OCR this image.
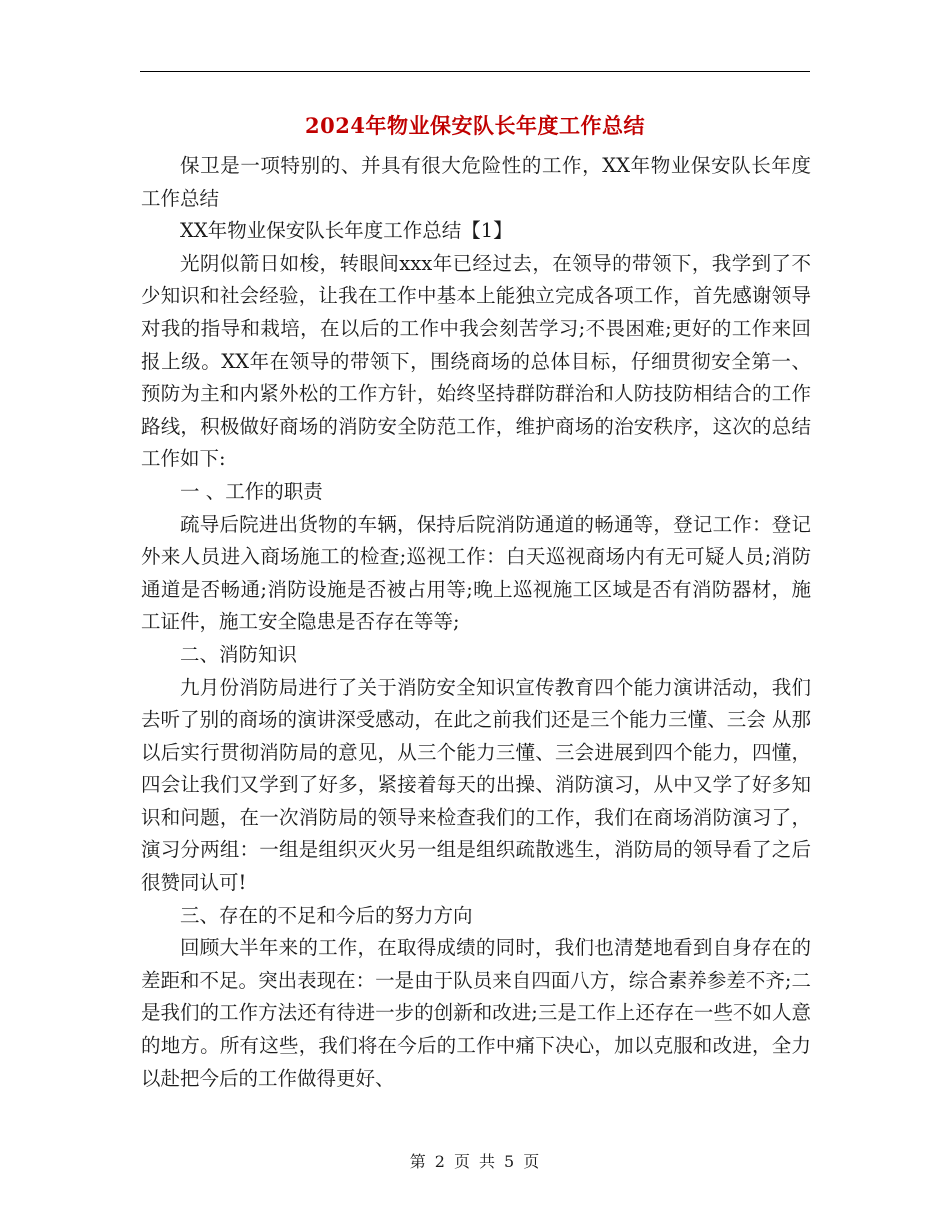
2024年物业保安队长年度工作总结

保卫是一项特别的、并具有很大危险性的工作，XX年物业保安队长年度工作总结

XX年物业保安队长年度工作总结【1】

光阴似箭日如梭，转眼间xxx年已经过去，在领导的带领下，我学到了不少知识和社会经验，让我在工作中基本上能独立完成各项工作，首先感谢领导对我的指导和栽培，在以后的工作中我会刻苦学习;不畏困难;更好的工作来回报上级。XX年在领导的带领下，围绕商场的总体目标，仔细贯彻安全第一、预防为主和内紧外松的工作方针，始终坚持群防群治和人防技防相结合的工作路线，积极做好商场的消防安全防范工作，维护商场的治安秩序，这次的总结工作如下:

一 、工作的职责

疏导后院进出货物的车辆，保持后院消防通道的畅通等，登记工作：登记外来人员进入商场施工的检查;巡视工作：白天巡视商场内有无可疑人员;消防通道是否畅通;消防设施是否被占用等;晚上巡视施工区域是否有消防器材，施工证件，施工安全隐患是否存在等等;

二、消防知识

九月份消防局进行了关于消防安全知识宣传教育四个能力演讲活动，我们去听了别的商场的演讲深受感动，在此之前我们还是三个能力三懂、三会 从那以后实行贯彻消防局的意见，从三个能力三懂、三会进展到四个能力，四懂，四会让我们又学到了好多，紧接着每天的出操、消防演习，从中又学了好多知识和问题，在一次消防局的领导来检查我们的工作，我们在商场消防演习了，演习分两组：一组是组织灭火另一组是组织疏散逃生，消防局的领导看了之后很赞同认可!

三、存在的不足和今后的努力方向

回顾大半年来的工作，在取得成绩的同时，我们也清楚地看到自身存在的差距和不足。突出表现在：一是由于队员来自四面八方，综合素养参差不齐;二是我们的工作方法还有待进一步的创新和改进;三是工作上还存在一些不如人意的地方。所有这些，我们将在今后的工作中痛下决心，加以克服和改进，全力以赴把今后的工作做得更好、

第 2 页 共 5 页
